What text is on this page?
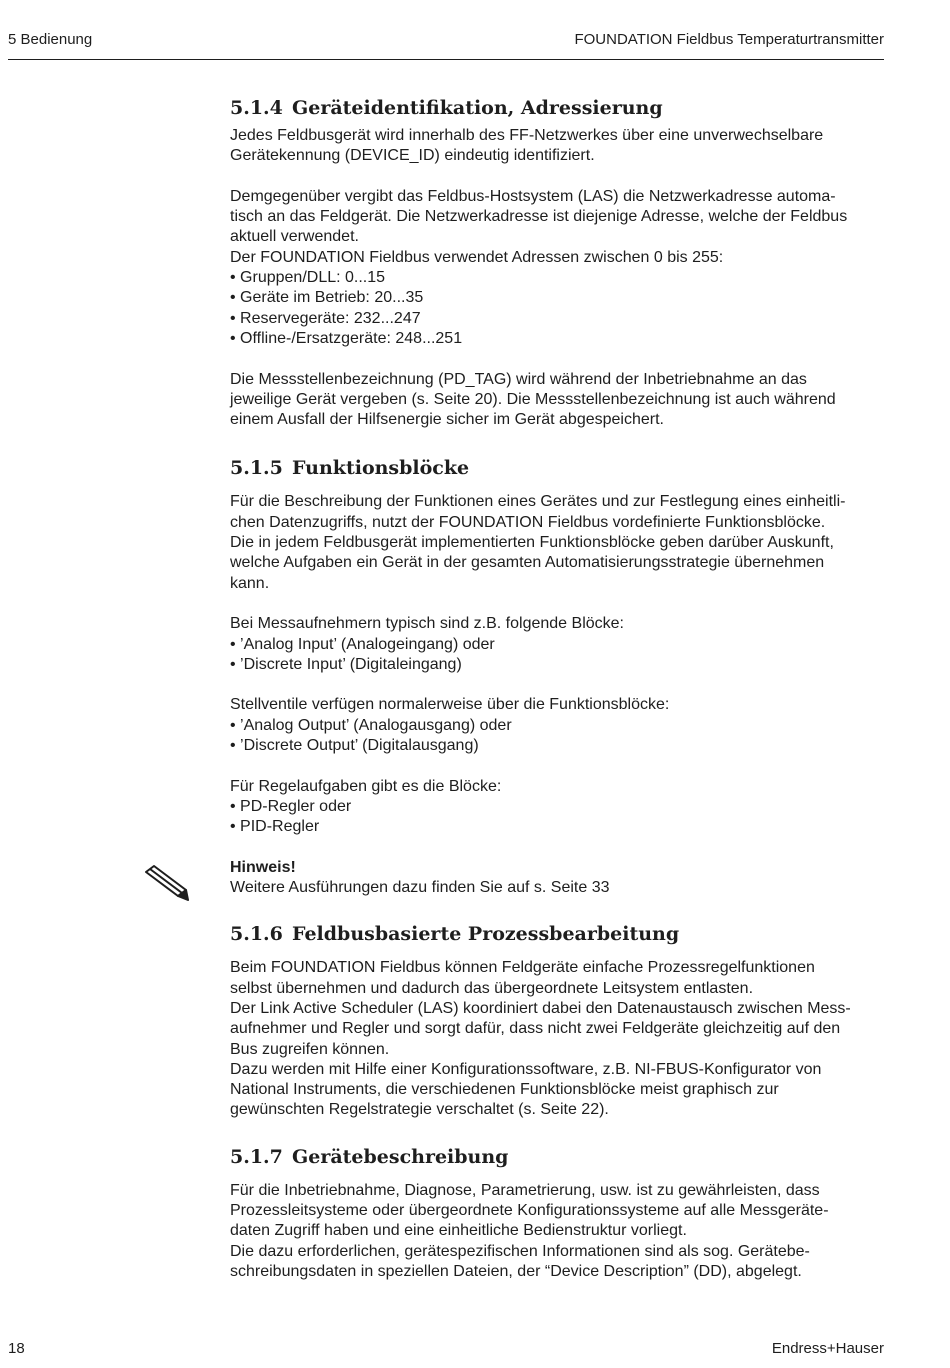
5 Bedienung	FOUNDATION Fieldbus Temperaturtransmitter
5.1.4 Geräteidentifikation, Adressierung

Jedes Feldbusgerät wird innerhalb des FF-Netzwerkes über eine unverwechselbare
Gerätekennung (DEVICE_ID) eindeutig identifiziert.

Demgegenüber vergibt das Feldbus-Hostsystem (LAS) die Netzwerkadresse automa-
tisch an das Feldgerät. Die Netzwerkadresse ist diejenige Adresse, welche der Feldbus
aktuell verwendet.
Der FOUNDATION Fieldbus verwendet Adressen zwischen 0 bis 255:

• Gruppen/DLL: 0...15
• Geräte im Betrieb: 20...35
• Reservegeräte: 232...247
• Offline-/Ersatzgeräte: 248...251

Die Messstellenbezeichnung (PD_TAG) wird während der Inbetriebnahme an das
jeweilige Gerät vergeben (s. Seite 20). Die Messstellenbezeichnung ist auch während
einem Ausfall der Hilfsenergie sicher im Gerät abgespeichert.

5.1.5 Funktionsblöcke

Für die Beschreibung der Funktionen eines Gerätes und zur Festlegung eines einheitli-
chen Datenzugriffs, nutzt der FOUNDATION Fieldbus vordefinierte Funktionsblöcke.
Die in jedem Feldbusgerät implementierten Funktionsblöcke geben darüber Auskunft,
welche Aufgaben ein Gerät in der gesamten Automatisierungsstrategie übernehmen
kann.

Bei Messaufnehmern typisch sind z.B. folgende Blöcke:
• ’Analog Input’ (Analogeingang) oder
• ’Discrete Input’ (Digitaleingang)

Stellventile verfügen normalerweise über die Funktionsblöcke:
• ’Analog Output’ (Analogausgang) oder
• ’Discrete Output’ (Digitalausgang)

Für Regelaufgaben gibt es die Blöcke:
• PD-Regler oder
• PID-Regler

Hinweis!
Weitere Ausführungen dazu finden Sie auf s. Seite 33

5.1.6 Feldbusbasierte Prozessbearbeitung

Beim FOUNDATION Fieldbus können Feldgeräte einfache Prozessregelfunktionen
selbst übernehmen und dadurch das übergeordnete Leitsystem entlasten.
Der Link Active Scheduler (LAS) koordiniert dabei den Datenaustausch zwischen Mess-
aufnehmer und Regler und sorgt dafür, dass nicht zwei Feldgeräte gleichzeitig auf den
Bus zugreifen können.
Dazu werden mit Hilfe einer Konfigurationssoftware, z.B. NI-FBUS-Konfigurator von
National Instruments, die verschiedenen Funktionsblöcke meist graphisch zur
gewünschten Regelstrategie verschaltet (s. Seite 22).

5.1.7 Gerätebeschreibung

Für die Inbetriebnahme, Diagnose, Parametrierung, usw. ist zu gewährleisten, dass
Prozessleitsysteme oder übergeordnete Konfigurationssysteme auf alle Messgeräte-
daten Zugriff haben und eine einheitliche Bedienstruktur vorliegt.
Die dazu erforderlichen, gerätespezifischen Informationen sind als sog. Gerätebe-
schreibungsdaten in speziellen Dateien, der “Device Description” (DD), abgelegt.

18	Endress+Hauser
